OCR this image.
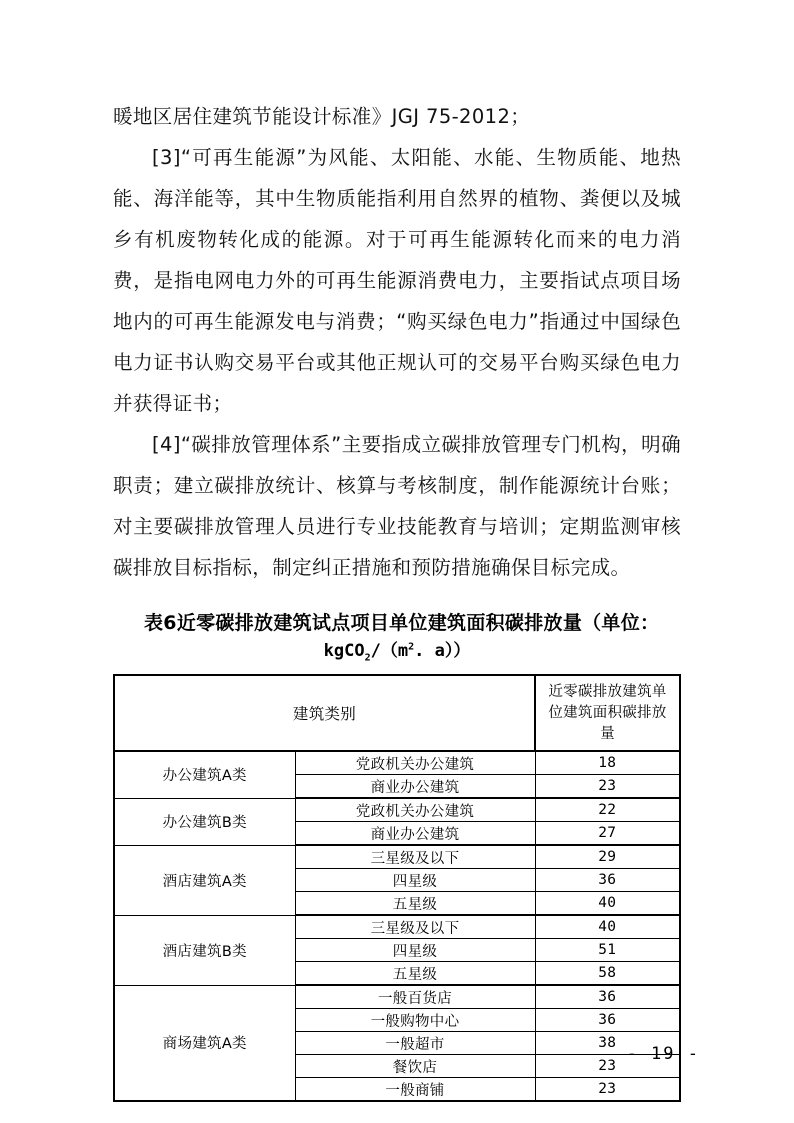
暖地区居住建筑节能设计标准》JGJ 75-2012；

[3]“可再生能源”为风能、太阳能、水能、生物质能、地热能、海洋能等，其中生物质能指利用自然界的植物、粪便以及城乡有机废物转化成的能源。对于可再生能源转化而来的电力消费，是指电网电力外的可再生能源消费电力，主要指试点项目场地内的可再生能源发电与消费；“购买绿色电力”指通过中国绿色电力证书认购交易平台或其他正规认可的交易平台购买绿色电力并获得证书；

[4]“碳排放管理体系”主要指成立碳排放管理专门机构，明确职责；建立碳排放统计、核算与考核制度，制作能源统计台账；对主要碳排放管理人员进行专业技能教育与培训；定期监测审核碳排放目标指标，制定纠正措施和预防措施确保目标完成。

表6近零碳排放建筑试点项目单位建筑面积碳排放量（单位：
$kgCO_2/(m^2$. a））
建筑类别		近零碳排放建筑单位建筑面积碳排放量
办公建筑A类	党政机关办公建筑	18
	商业办公建筑	23
办公建筑B类	党政机关办公建筑	22
	商业办公建筑	27
酒店建筑A类	三星级及以下	29
	四星级	36
	五星级	40
酒店建筑B类	三星级及以下	40
	四星级	51
	五星级	58
商场建筑A类	一般百货店	36
	一般购物中心	36
	一般超市	38
	餐饮店	23
	一般商铺	23
- 19 -
